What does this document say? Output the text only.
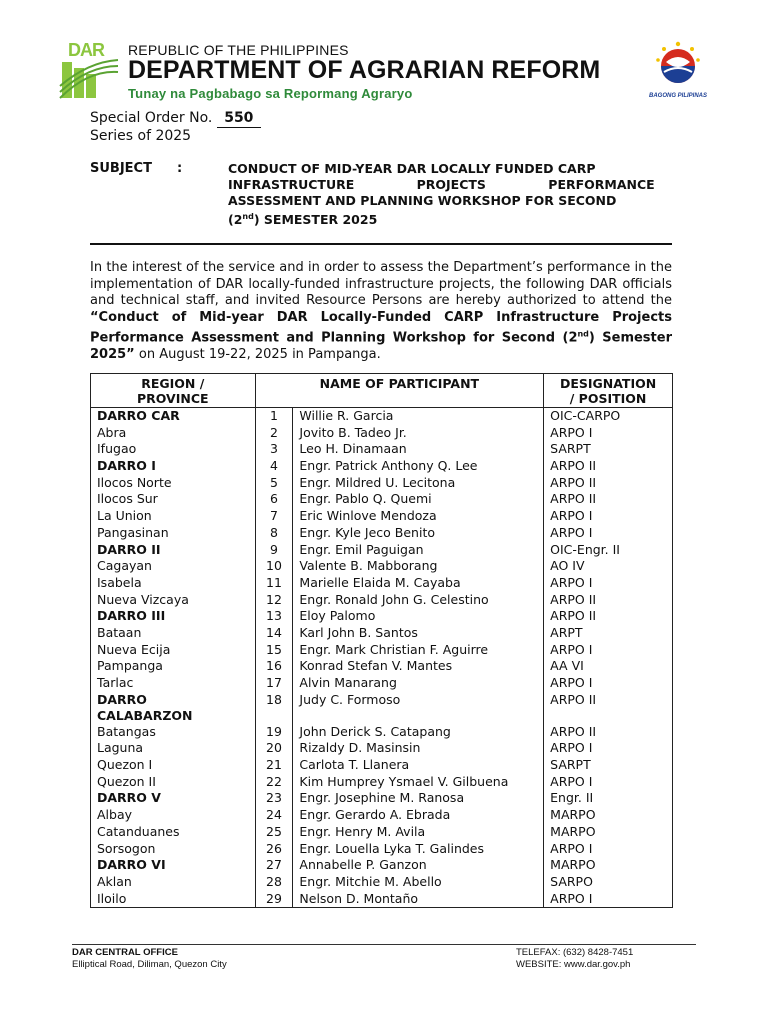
DAR REPUBLIC OF THE PHILIPPINES
DEPARTMENT OF AGRARIAN REFORM
Tunay na Pagbabago sa Repormang Agraryo	BAGONG PILIPINAS
Special Order No. 550
Series of 2025
SUBJECT :	CONDUCT OF MID-YEAR DAR LOCALLY FUNDED CARP
INFRASTRUCTURE PROJECTS PERFORMANCE
ASSESSMENT AND PLANNING WORKSHOP FOR SECOND
(2nd) SEMESTER 2025
In the interest of the service and in order to assess the Department’s performance in the implementation of DAR locally-funded infrastructure projects, the following DAR officials and technical staff, and invited Resource Persons are hereby authorized to attend the “Conduct of Mid-year DAR Locally-Funded CARP Infrastructure Projects Performance Assessment and Planning Workshop for Second (2nd) Semester 2025” on August 19-22, 2025 in Pampanga.
REGION /
PROVINCE	NAME OF PARTICIPANT		DESIGNATION
/ POSITION
DARRO CAR	1	Willie R. Garcia	OIC-CARPO
Abra	2	Jovito B. Tadeo Jr.	ARPO I
Ifugao	3	Leo H. Dinamaan	SARPT
DARRO I	4	Engr. Patrick Anthony Q. Lee	ARPO II
Ilocos Norte	5	Engr. Mildred U. Lecitona	ARPO II
Ilocos Sur	6	Engr. Pablo Q. Quemi	ARPO II
La Union	7	Eric Winlove Mendoza	ARPO I
Pangasinan	8	Engr. Kyle Jeco Benito	ARPO I
DARRO II	9	Engr. Emil Paguigan	OIC-Engr. II
Cagayan	10	Valente B. Mabborang	AO IV
Isabela	11	Marielle Elaida M. Cayaba	ARPO I
Nueva Vizcaya	12	Engr. Ronald John G. Celestino	ARPO II
DARRO III	13	Eloy Palomo	ARPO II
Bataan	14	Karl John B. Santos	ARPT
Nueva Ecija	15	Engr. Mark Christian F. Aguirre	ARPO I
Pampanga	16	Konrad Stefan V. Mantes	AA VI
Tarlac	17	Alvin Manarang	ARPO I

DARRO
CALABARZON	18	Judy C. Formoso	ARPO II
Batangas	19	John Derick S. Catapang	ARPO II
Laguna	20	Rizaldy D. Masinsin	ARPO I
Quezon I	21	Carlota T. Llanera	SARPT
Quezon II	22	Kim Humprey Ysmael V. Gilbuena	ARPO I
DARRO V	23	Engr. Josephine M. Ranosa	Engr. II
Albay	24	Engr. Gerardo A. Ebrada	MARPO
Catanduanes	25	Engr. Henry M. Avila	MARPO
Sorsogon	26	Engr. Louella Lyka T. Galindes	ARPO I
DARRO VI	27	Annabelle P. Ganzon	MARPO
Aklan	28	Engr. Mitchie M. Abello	SARPO
Iloilo	29	Nelson D. Montaño	ARPO I
DAR CENTRAL OFFICE
Elliptical Road, Diliman, Quezon City
TELEFAX: (632) 8428-7451
WEBSITE: www.dar.gov.ph
